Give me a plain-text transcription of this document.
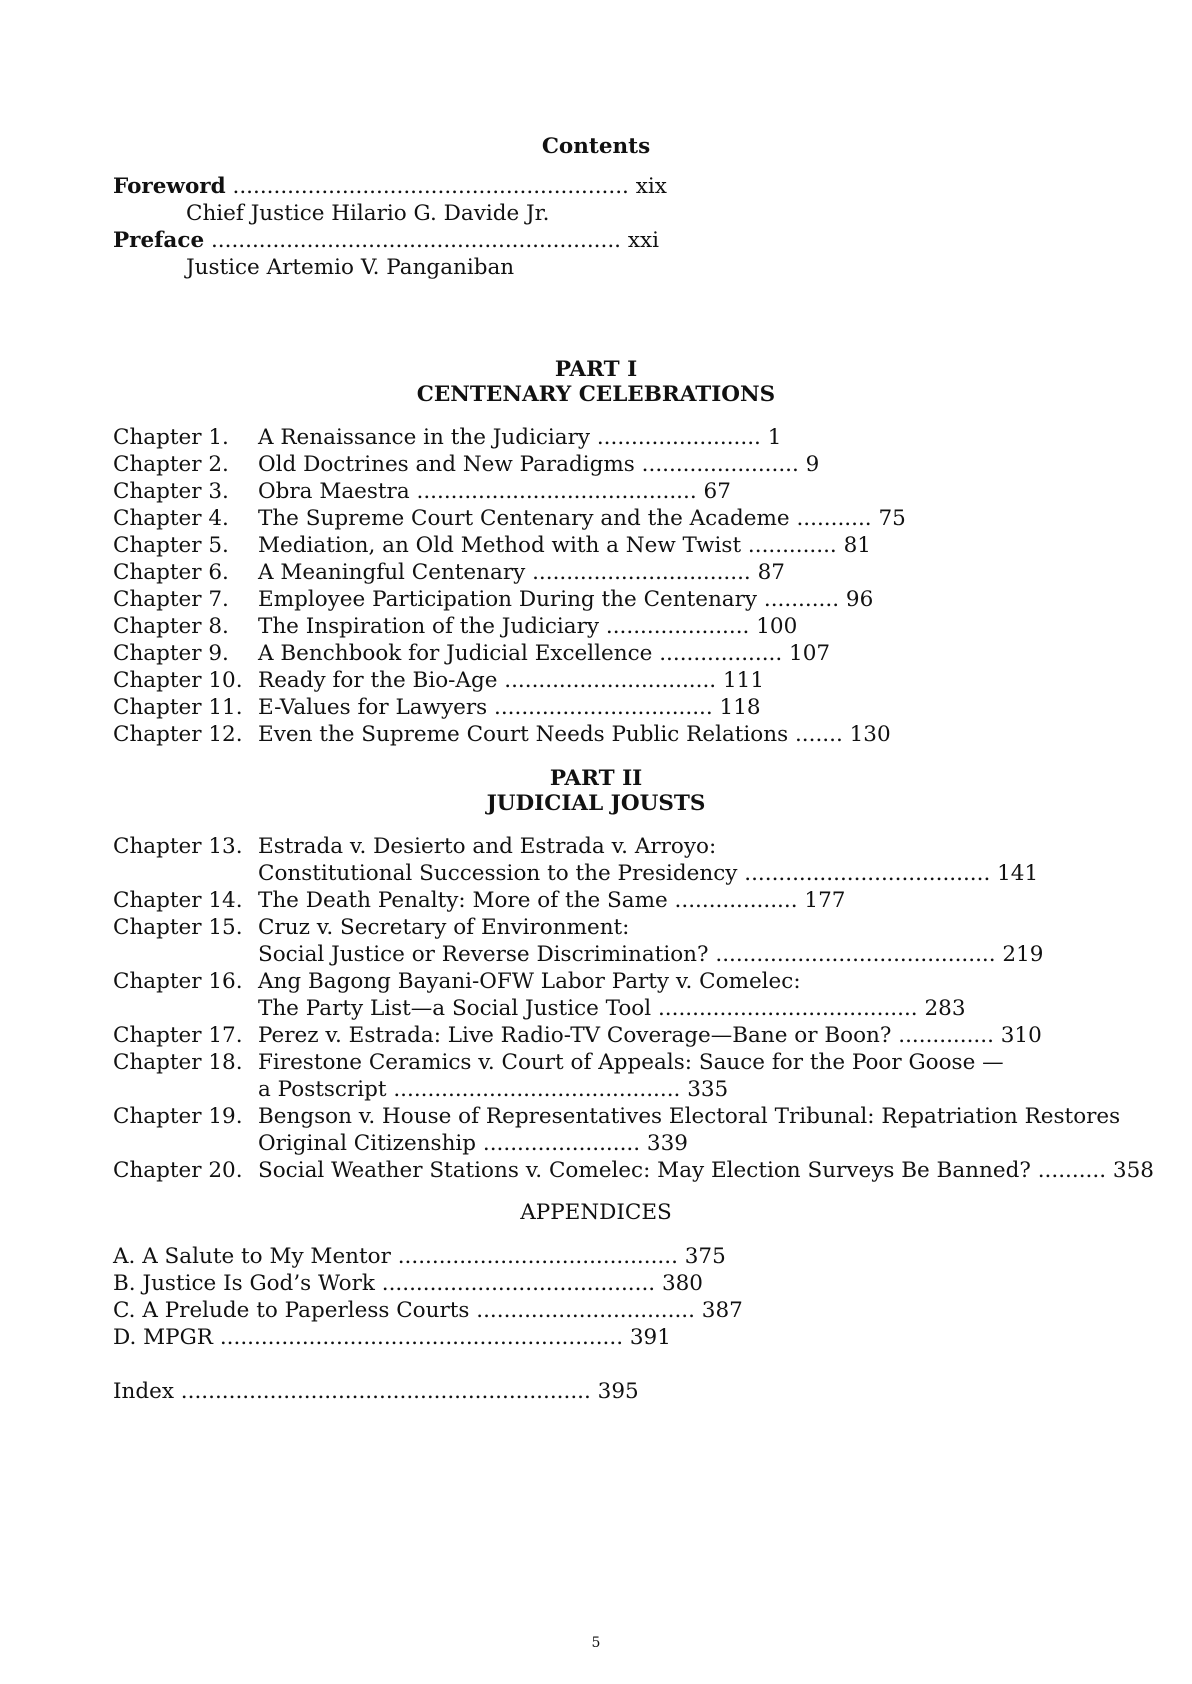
Contents
Foreword .......................................................... xix
Chief Justice Hilario G. Davide Jr.
Preface ............................................................ xxi
Justice Artemio V. Panganiban
PART I
CENTENARY CELEBRATIONS
Chapter 1. A Renaissance in the Judiciary ........................ 1
Chapter 2. Old Doctrines and New Paradigms ....................... 9
Chapter 3. Obra Maestra ......................................... 67
Chapter 4. The Supreme Court Centenary and the Academe ........... 75
Chapter 5. Mediation, an Old Method with a New Twist ............. 81
Chapter 6. A Meaningful Centenary ................................ 87
Chapter 7. Employee Participation During the Centenary ........... 96
Chapter 8. The Inspiration of the Judiciary ..................... 100
Chapter 9. A Benchbook for Judicial Excellence .................. 107
Chapter 10. Ready for the Bio-Age ............................... 111
Chapter 11. E-Values for Lawyers ................................ 118
Chapter 12. Even the Supreme Court Needs Public Relations ....... 130
PART II
JUDICIAL JOUSTS
Chapter 13. Estrada v. Desierto and Estrada v. Arroyo:
Constitutional Succession to the Presidency .................................... 141
Chapter 14. The Death Penalty: More of the Same .................. 177
Chapter 15. Cruz v. Secretary of Environment:
Social Justice or Reverse Discrimination? ......................................... 219
Chapter 16. Ang Bagong Bayani-OFW Labor Party v. Comelec:
The Party List—a Social Justice Tool ...................................... 283
Chapter 17. Perez v. Estrada: Live Radio-TV Coverage—Bane or Boon? .............. 310
Chapter 18. Firestone Ceramics v. Court of Appeals: Sauce for the Poor Goose —
a Postscript .......................................... 335
Chapter 19. Bengson v. House of Representatives Electoral Tribunal: Repatriation Restores
Original Citizenship ....................... 339
Chapter 20. Social Weather Stations v. Comelec: May Election Surveys Be Banned? .......... 358
APPENDICES
A. A Salute to My Mentor ......................................... 375
B. Justice Is God’s Work ........................................ 380
C. A Prelude to Paperless Courts ................................ 387
D. MPGR ........................................................... 391
Index ............................................................ 395
5
